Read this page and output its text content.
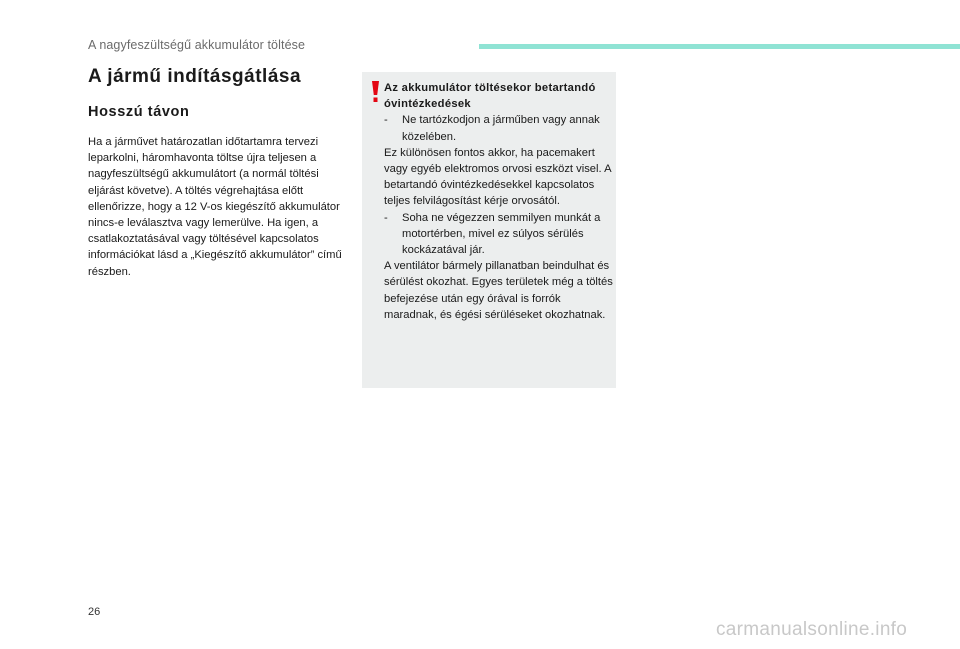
A nagyfeszültségű akkumulátor töltése
A jármű indításgátlása
Hosszú távon

Ha a járművet határozatlan időtartamra tervezi leparkolni, háromhavonta töltse újra teljesen a nagyfeszültségű akkumulátort (a normál töltési eljárást követve). A töltés végrehajtása előtt ellenőrizze, hogy a 12 V-os kiegészítő akkumulátor nincs-e leválasztva vagy lemerülve. Ha igen, a csatlakoztatásával vagy töltésével kapcsolatos információkat lásd a „Kiegészítő akkumulátor” című részben.

Az akkumulátor töltésekor betartandó óvintézkedések
- Ne tartózkodjon a járműben vagy annak közelében.
Ez különösen fontos akkor, ha pacemakert vagy egyéb elektromos orvosi eszközt visel. A betartandó óvintézkedésekkel kapcsolatos teljes felvilágosítást kérje orvosától.
- Soha ne végezzen semmilyen munkát a motortérben, mivel ez súlyos sérülés kockázatával jár.
A ventilátor bármely pillanatban beindulhat és sérülést okozhat. Egyes területek még a töltés befejezése után egy órával is forrók maradnak, és égési sérüléseket okozhatnak.
26
carmanualsonline.info
